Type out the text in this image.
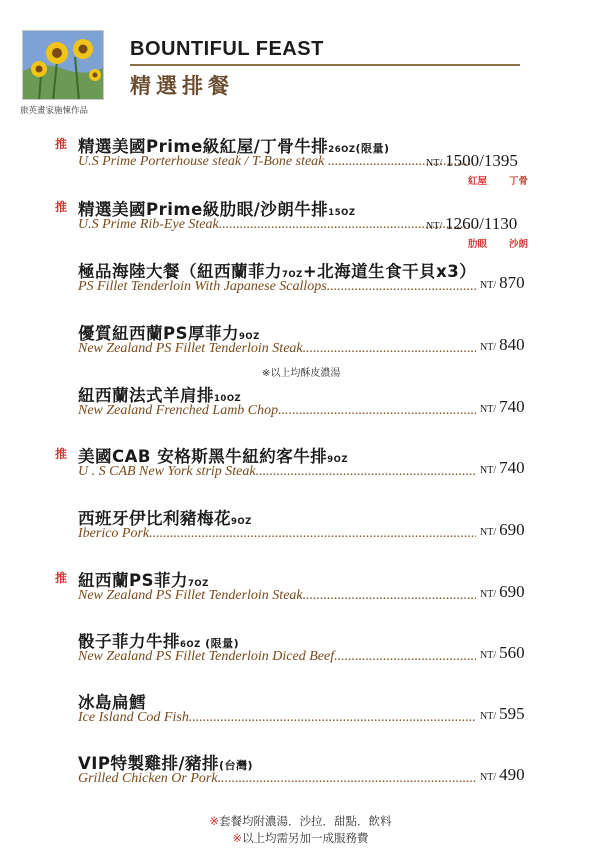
旅英畫家施悚作品
BOUNTIFUL FEAST
精選排餐
推 精選美國Prime級紅屋/丁骨牛排26OZ(限量)
U.S Prime Porterhouse steak / T-Bone steak . .....	NT/ 1500/1395
紅屋 丁骨
推 精選美國Prime級肋眼/沙朗牛排15OZ
U.S Prime Rib-Eye Steak .....	NT/ 1260/1130
肋眼 沙朗
極品海陸大餐（紐西蘭菲力7OZ+北海道生食干貝x3）
PS Fillet Tenderloin With Japanese Scallops .....	NT/ 870
優質紐西蘭PS厚菲力9OZ
New Zealand PS Fillet Tenderloin Steak .....	NT/ 840
紐西蘭法式羊肩排10OZ
New Zealand Frenched Lamb Chop .....	NT/ 740
推 美國CAB 安格斯黑牛紐約客牛排9OZ
U . S CAB New York strip Steak .....	NT/ 740
西班牙伊比利豬梅花9OZ
Iberico Pork .....	NT/ 690
推 紐西蘭PS菲力7OZ
New Zealand PS Fillet Tenderloin Steak .....	NT/ 690
骰子菲力牛排6OZ (限量)
New Zealand PS Fillet Tenderloin Diced Beef .....	NT/ 560
冰島扁鱈
Ice Island Cod Fish .....	NT/ 595
VIP特製雞排/豬排(台灣)
Grilled Chicken Or Pork .....	NT/ 490
※以上均酥皮濃湯
※套餐均附濃湯．沙拉．甜點．飲料
※以上均需另加一成服務費
